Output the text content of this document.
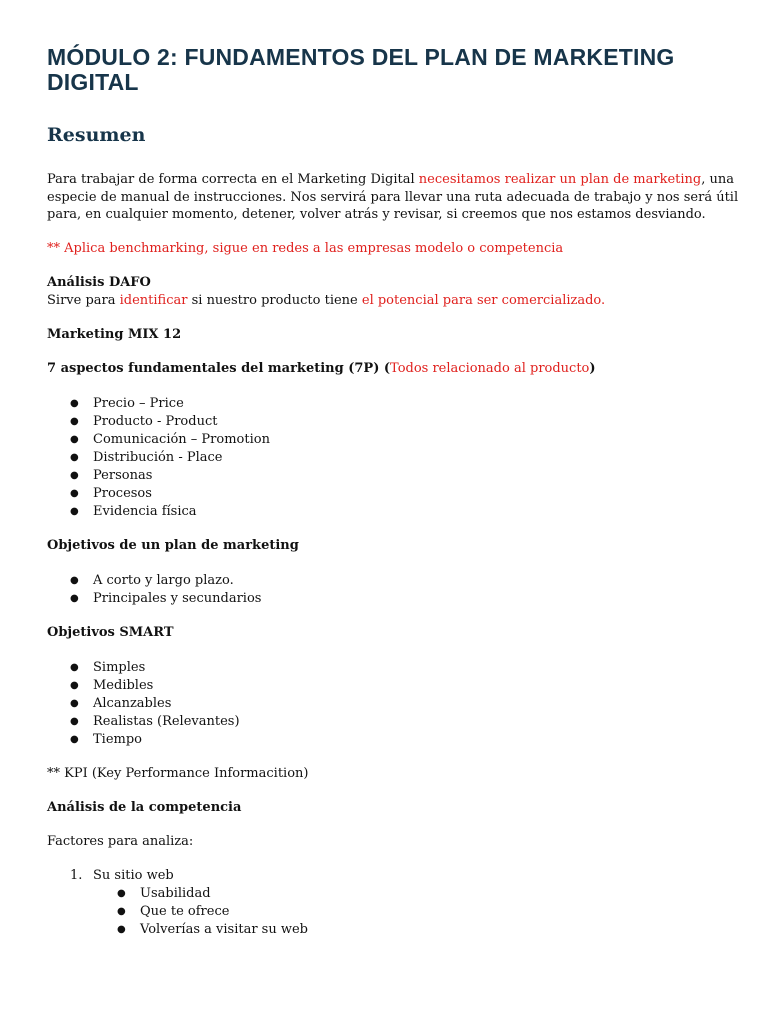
MÓDULO 2: FUNDAMENTOS DEL PLAN DE MARKETING
DIGITAL
Resumen
Para trabajar de forma correcta en el Marketing Digital necesitamos realizar un plan de marketing, una
especie de manual de instrucciones. Nos servirá para llevar una ruta adecuada de trabajo y nos será útil
para, en cualquier momento, detener, volver atrás y revisar, si creemos que nos estamos desviando.
** Aplica benchmarking, sigue en redes a las empresas modelo o competencia
Análisis DAFO
Sirve para identificar si nuestro producto tiene el potencial para ser comercializado.
Marketing MIX 12
7 aspectos fundamentales del marketing (7P) (Todos relacionado al producto)
● Precio – Price
● Producto - Product
● Comunicación – Promotion
● Distribución - Place
● Personas
● Procesos
● Evidencia física
Objetivos de un plan de marketing
● A corto y largo plazo.
● Principales y secundarios
Objetivos SMART
● Simples
● Medibles
● Alcanzables
● Realistas (Relevantes)
● Tiempo
** KPI (Key Performance Informacition)
Análisis de la competencia
Factores para analiza:
1. Su sitio web
● Usabilidad
● Que te ofrece
● Volverías a visitar su web
